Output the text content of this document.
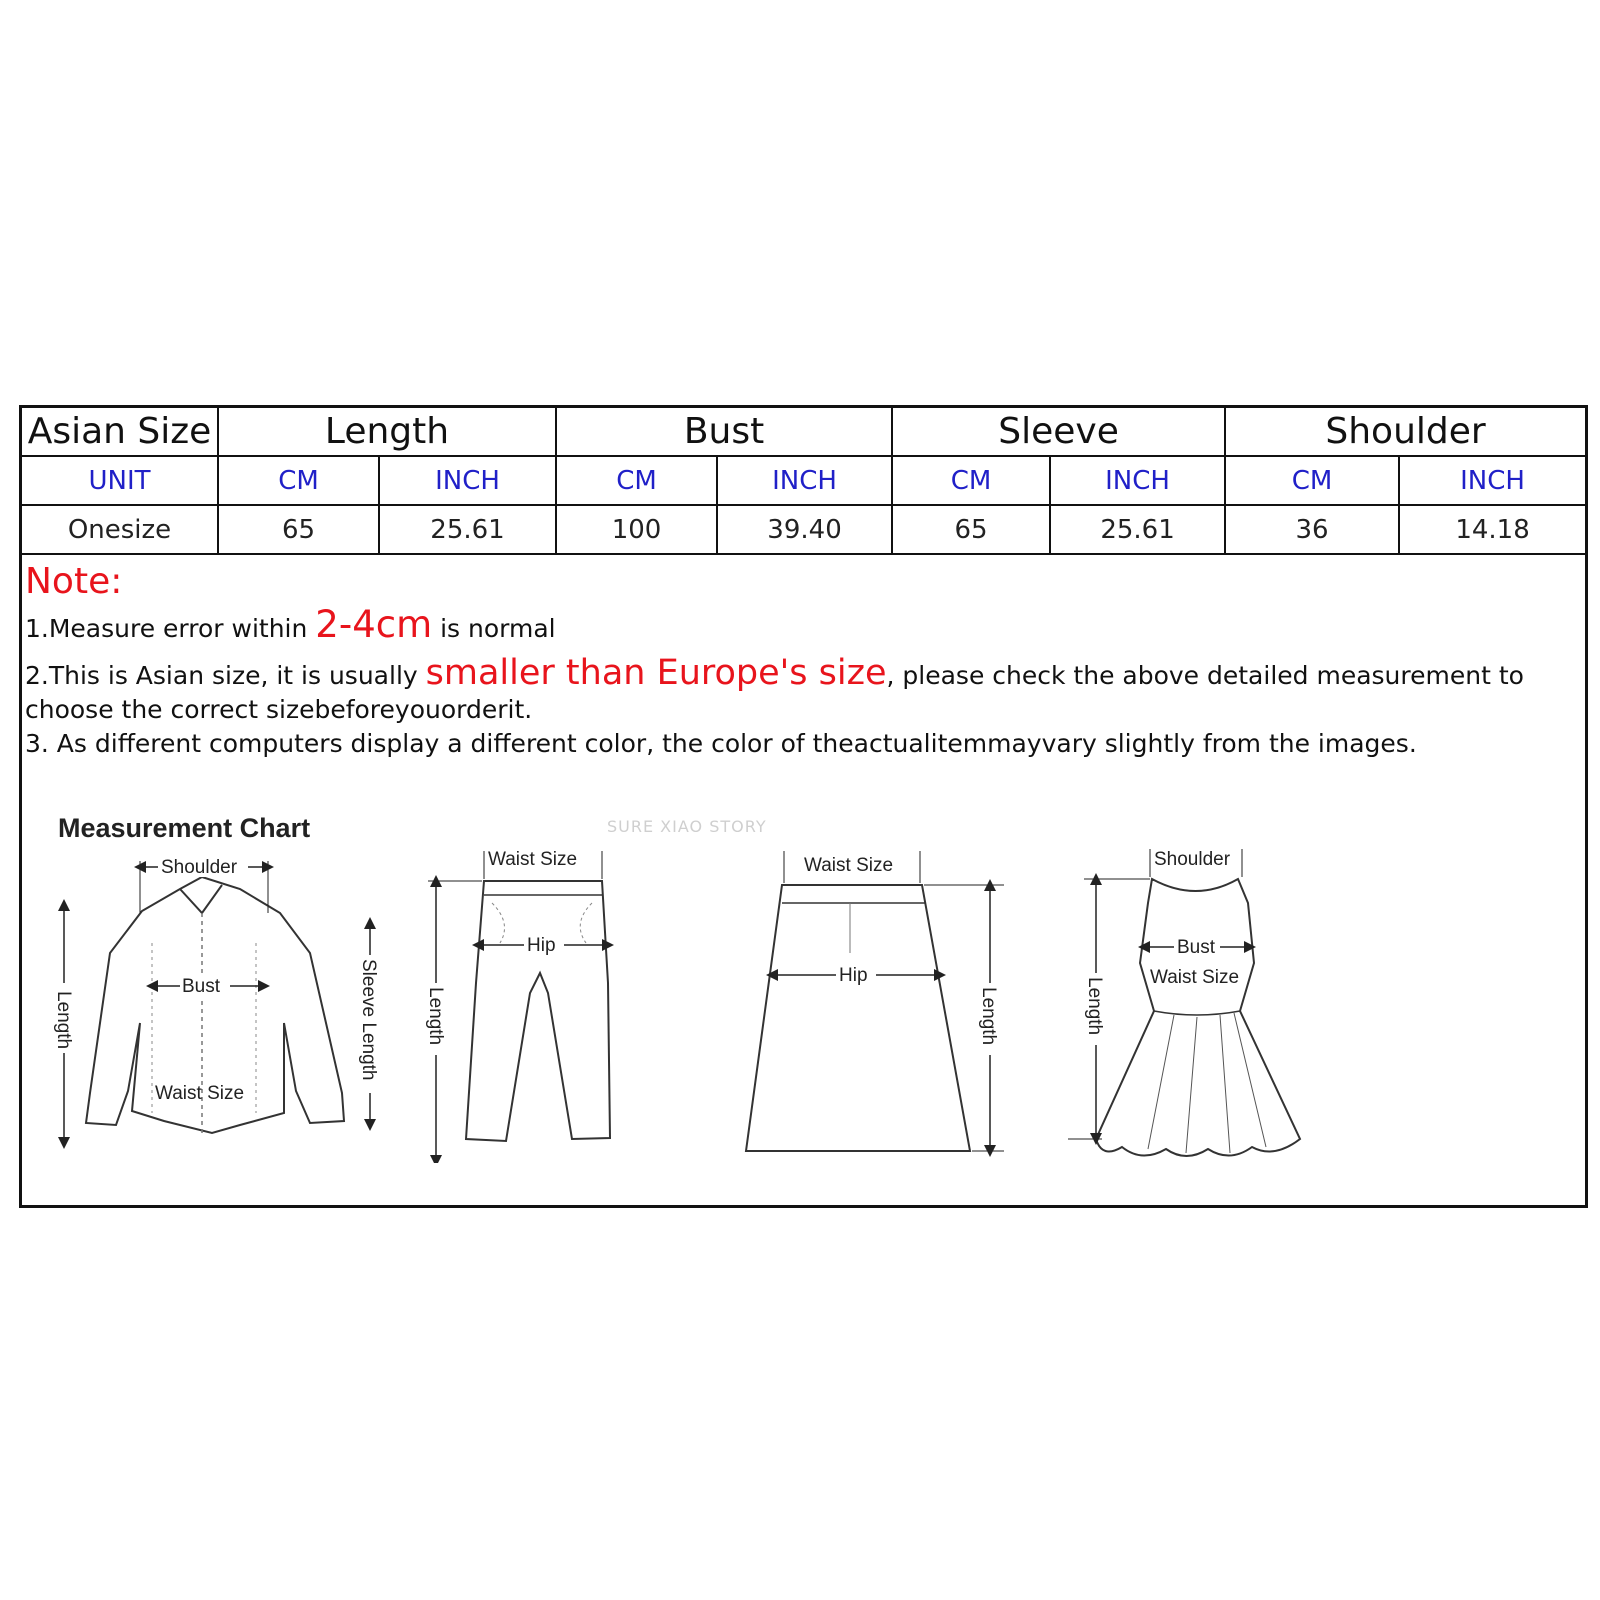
Asian Size	Length		Bust		Sleeve		Shoulder	
UNIT	CM	INCH	CM	INCH	CM	INCH	CM	INCH
Onesize	65	25.61	100	39.40	65	25.61	36	14.18
Note:
1.Measure error within 2-4cm is normal
2.This is Asian size, it is usually smaller than Europe's size, please check the above detailed measurement to choose the correct sizebeforeyouorderit.
3. As different computers display a different color, the color of theactualitemmayvary slightly from the images.
Measurement Chart	SURE XIAO STORY
Shoulder
Bust
Waist Size
Length	Sleeve Length
Waist Size
Hip
Length
Waist Size
Hip
Length
Shoulder
Bust
Waist Size
Length
